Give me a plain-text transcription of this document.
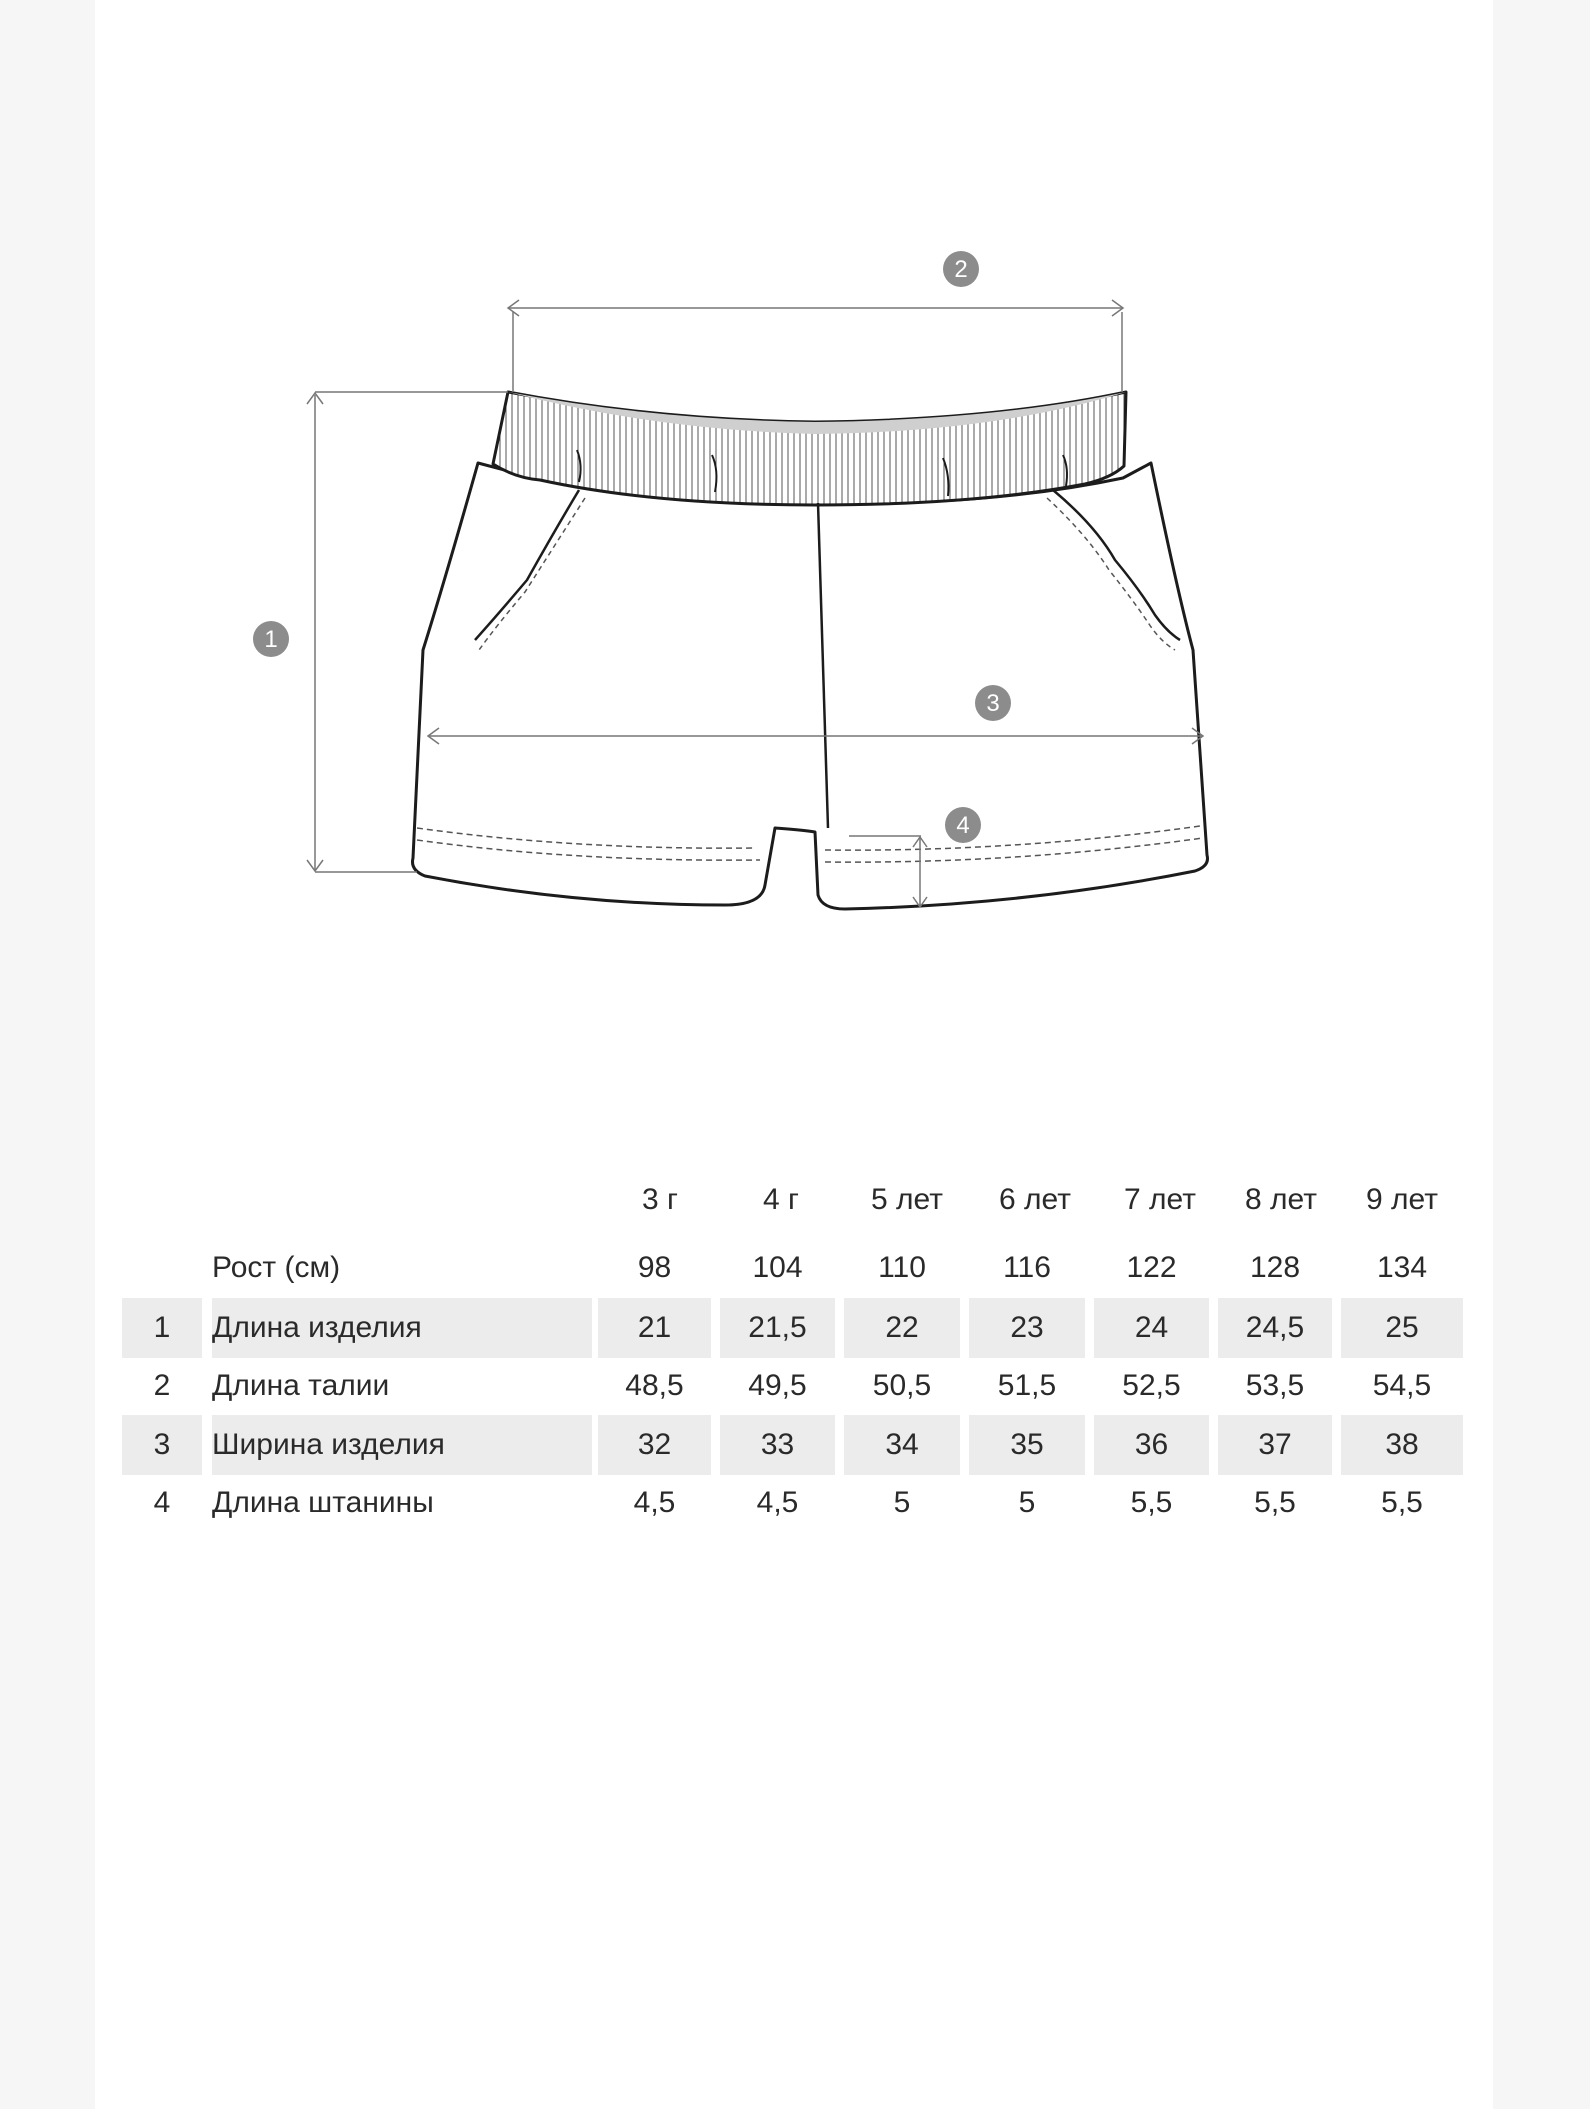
1
2
3
4
3 г	4 г	5 лет	6 лет	7 лет	8 лет	9 лет
Рост (см)	98	104	110	116	122	128	134
1	Длина изделия	21	21,5	22	23	24	24,5	25
2	Длина талии	48,5	49,5	50,5	51,5	52,5	53,5	54,5
3	Ширина изделия	32	33	34	35	36	37	38
4	Длина штанины	4,5	4,5	5	5	5,5	5,5	5,5
